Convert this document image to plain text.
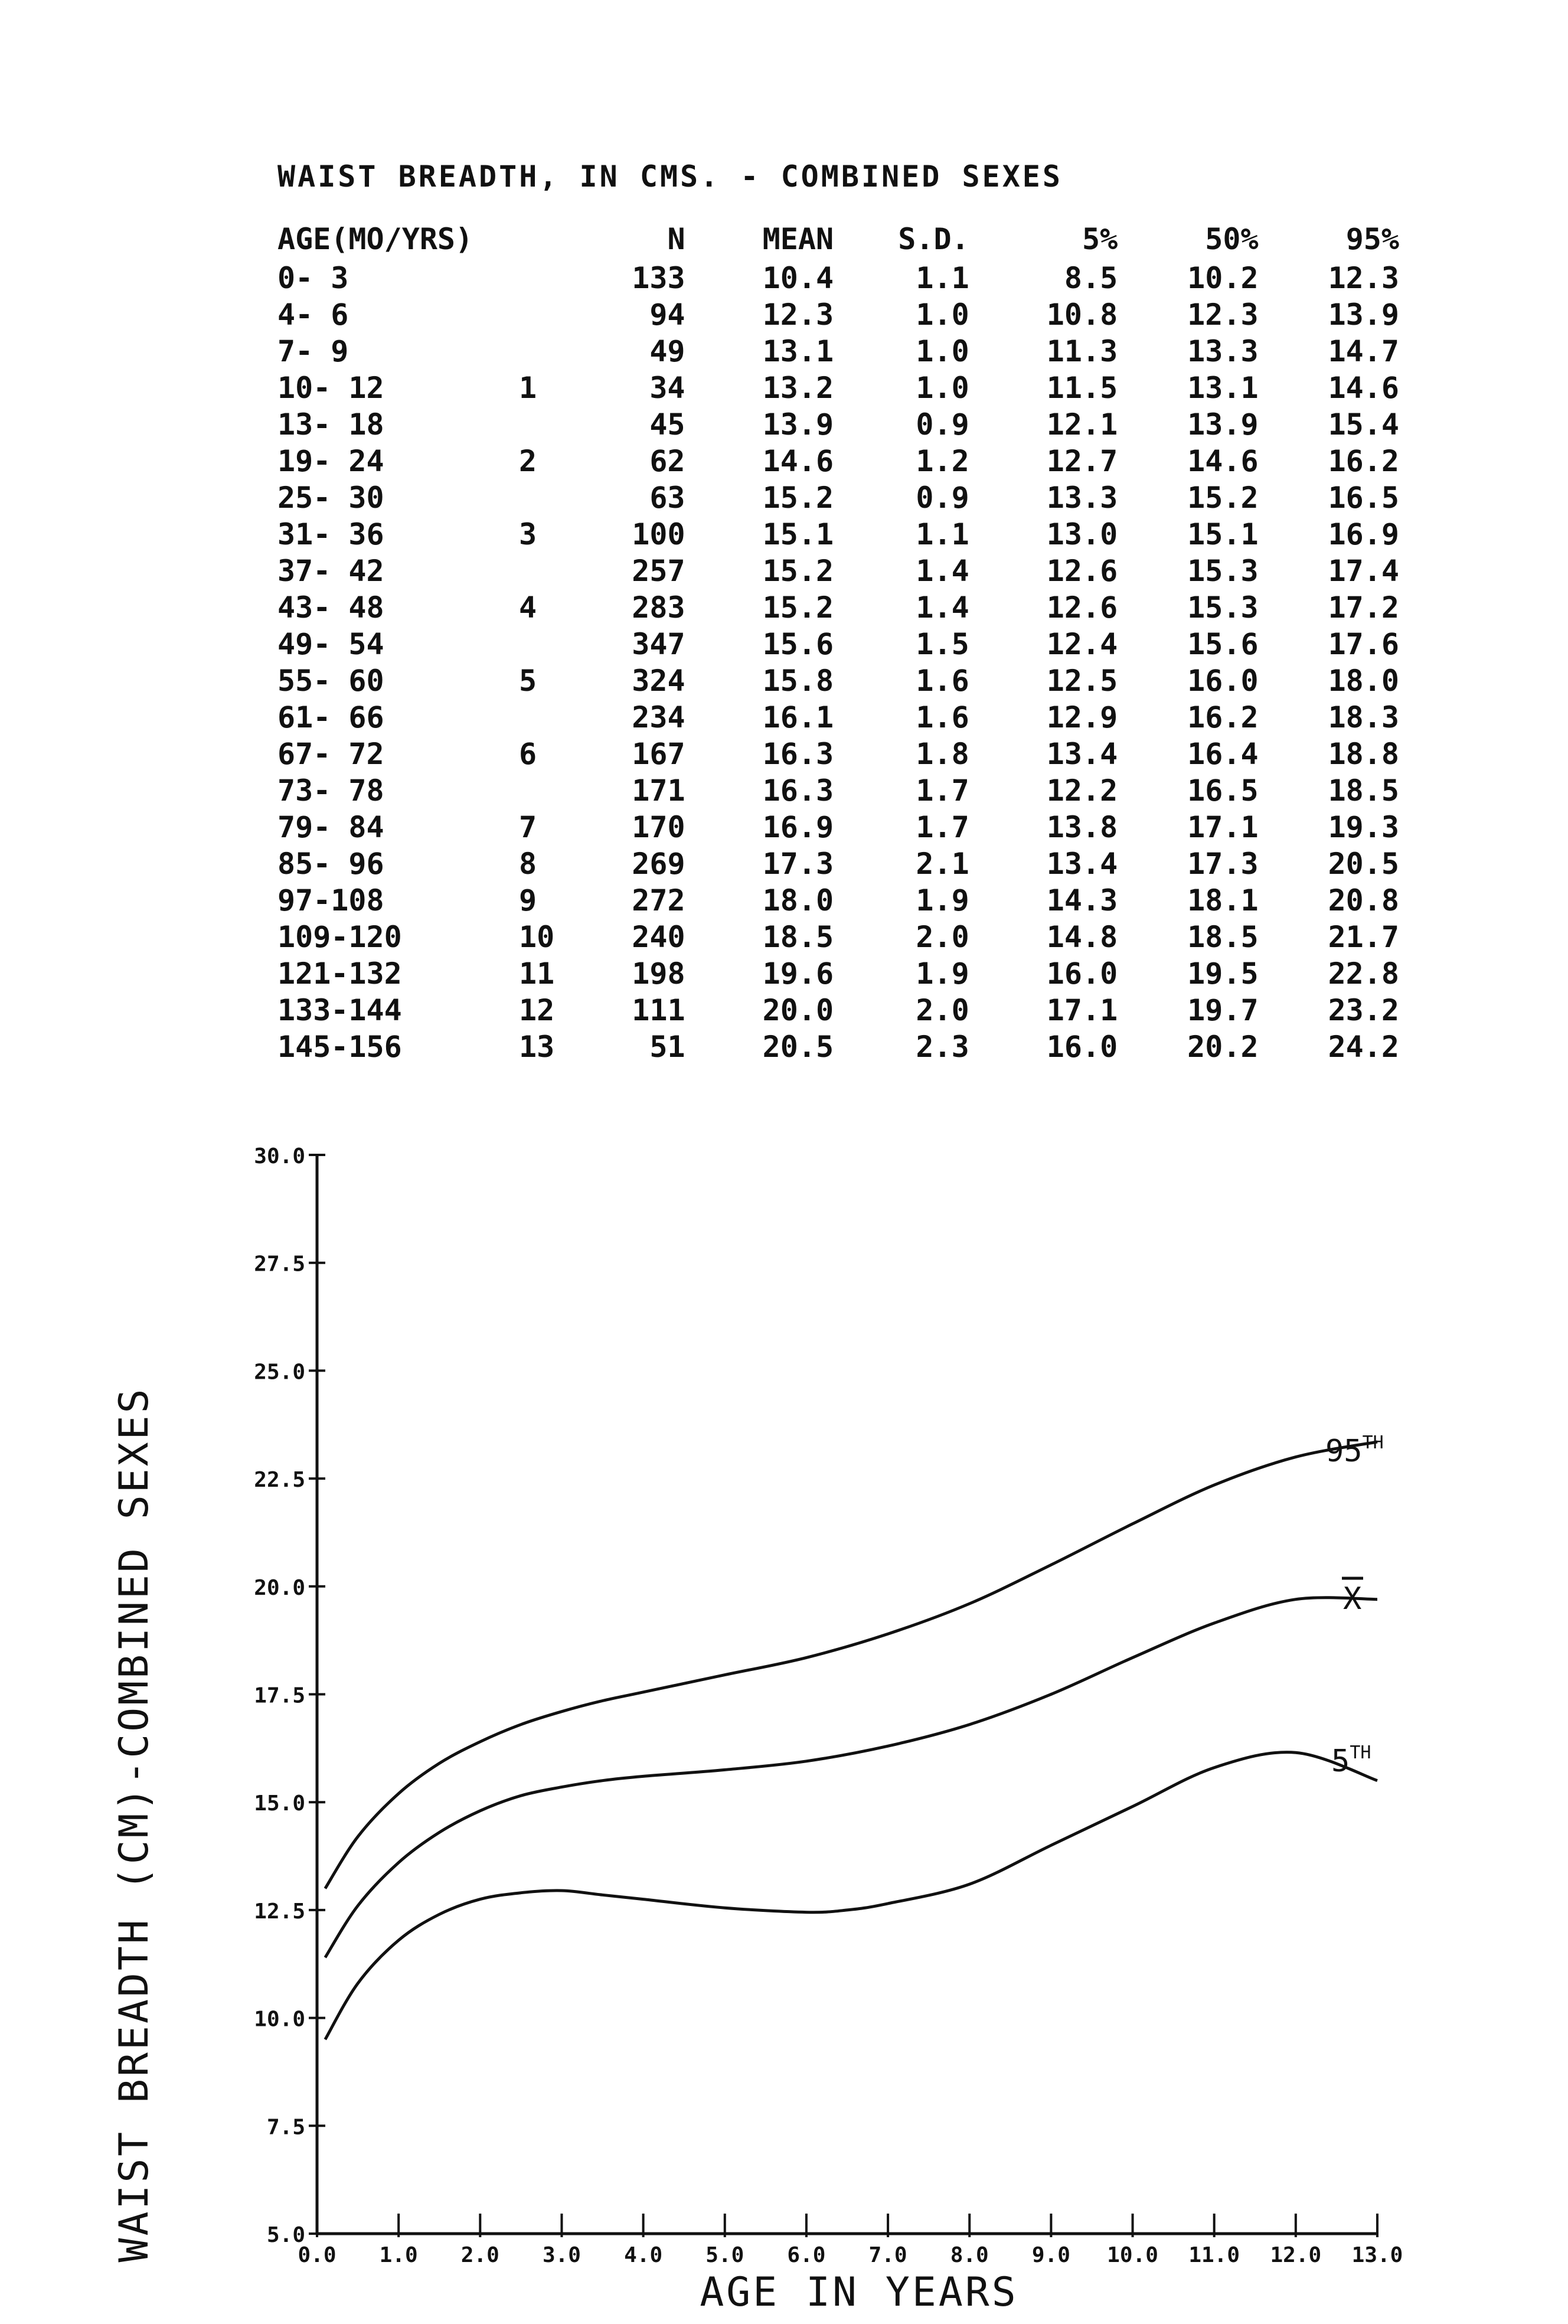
WAIST BREADTH, IN CMS. - COMBINED SEXES
AGE(MO/YRS)		N	MEAN	S.D.	5%	50%	95%
0- 3		133	10.4	1.1	8.5	10.2	12.3
4- 6		94	12.3	1.0	10.8	12.3	13.9
7- 9		49	13.1	1.0	11.3	13.3	14.7
10- 12	1	34	13.2	1.0	11.5	13.1	14.6
13- 18		45	13.9	0.9	12.1	13.9	15.4
19- 24	2	62	14.6	1.2	12.7	14.6	16.2
25- 30		63	15.2	0.9	13.3	15.2	16.5
31- 36	3	100	15.1	1.1	13.0	15.1	16.9
37- 42		257	15.2	1.4	12.6	15.3	17.4
43- 48	4	283	15.2	1.4	12.6	15.3	17.2
49- 54		347	15.6	1.5	12.4	15.6	17.6
55- 60	5	324	15.8	1.6	12.5	16.0	18.0
61- 66		234	16.1	1.6	12.9	16.2	18.3
67- 72	6	167	16.3	1.8	13.4	16.4	18.8
73- 78		171	16.3	1.7	12.2	16.5	18.5
79- 84	7	170	16.9	1.7	13.8	17.1	19.3
85- 96	8	269	17.3	2.1	13.4	17.3	20.5
97-108	9	272	18.0	1.9	14.3	18.1	20.8
109-120	10	240	18.5	2.0	14.8	18.5	21.7
121-132	11	198	19.6	1.9	16.0	19.5	22.8
133-144	12	111	20.0	2.0	17.1	19.7	23.2
145-156	13	51	20.5	2.3	16.0	20.2	24.2
5.0
7.5
10.0
12.5
15.0
17.5
20.0
22.5
25.0
27.5
30.0
0.0 1.0 2.0 3.0 4.0 5.0 6.0 7.0 8.0 9.0 10.0 11.0 12.0 13.0
95TH
X
5TH
AGE IN YEARS
WAIST BREADTH (CM)-COMBINED SEXES
